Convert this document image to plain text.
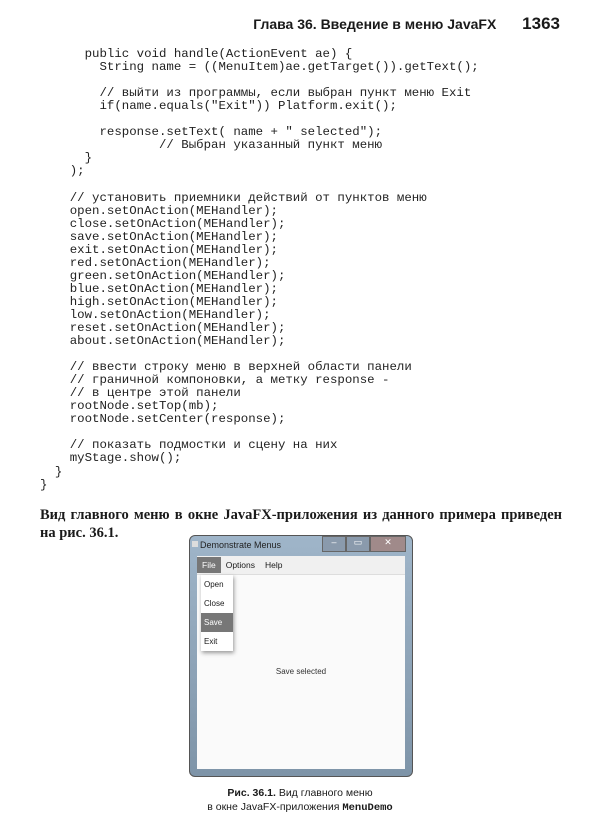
Глава 36. Введение в меню JavaFX 1363
public void handle(ActionEvent ae) {
String name = ((MenuItem)ae.getTarget()).getText();

// выйти из программы, если выбран пункт меню Exit
if(name.equals("Exit")) Platform.exit();

response.setText( name + " selected");
// Выбран указанный пункт меню
}
);

// установить приемники действий от пунктов меню
open.setOnAction(MEHandler);
close.setOnAction(MEHandler);
save.setOnAction(MEHandler);
exit.setOnAction(MEHandler);
red.setOnAction(MEHandler);
green.setOnAction(MEHandler);
blue.setOnAction(MEHandler);
high.setOnAction(MEHandler);
low.setOnAction(MEHandler);
reset.setOnAction(MEHandler);
about.setOnAction(MEHandler);

// ввести строку меню в верхней области панели
// граничной компоновки, а метку response -
// в центре этой панели
rootNode.setTop(mb);
rootNode.setCenter(response);

// показать подмостки и сцену на них
myStage.show();
}
}
Вид главного меню в окне JavaFX-приложения из данного примера приведен на рис. 36.1.
Demonstrate Menus	–	▭	✕
File	Options	Help
Open
Close
Save
Exit
Save selected
Рис. 36.1. Вид главного меню
в окне JavaFX-приложения MenuDemo
